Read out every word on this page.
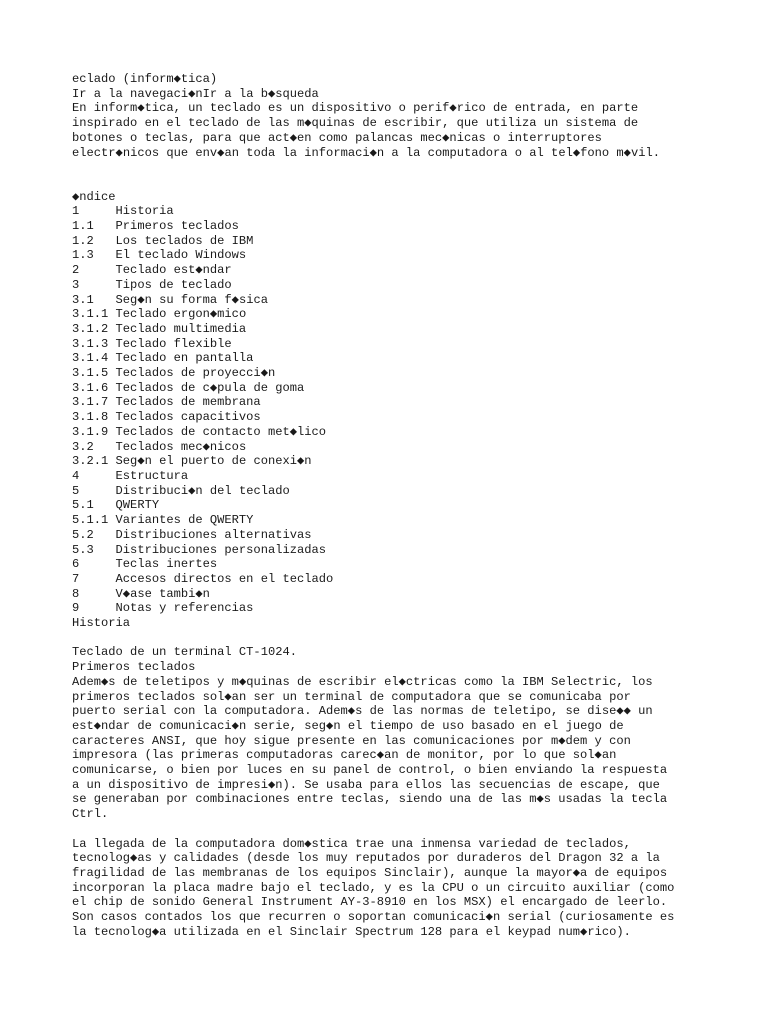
eclado (inform◆tica)
Ir a la navegaci◆nIr a la b◆squeda
En inform◆tica, un teclado es un dispositivo o perif◆rico de entrada, en parte
inspirado en el teclado de las m◆quinas de escribir, que utiliza un sistema de
botones o teclas, para que act◆en como palancas mec◆nicas o interruptores
electr◆nicos que env◆an toda la informaci◆n a la computadora o al tel◆fono m◆vil.

◆ndice
1     Historia
1.1   Primeros teclados
1.2   Los teclados de IBM
1.3   El teclado Windows
2     Teclado est◆ndar
3     Tipos de teclado
3.1   Seg◆n su forma f◆sica
3.1.1 Teclado ergon◆mico
3.1.2 Teclado multimedia
3.1.3 Teclado flexible
3.1.4 Teclado en pantalla
3.1.5 Teclados de proyecci◆n
3.1.6 Teclados de c◆pula de goma
3.1.7 Teclados de membrana
3.1.8 Teclados capacitivos
3.1.9 Teclados de contacto met◆lico
3.2   Teclados mec◆nicos
3.2.1 Seg◆n el puerto de conexi◆n
4     Estructura
5     Distribuci◆n del teclado
5.1   QWERTY
5.1.1 Variantes de QWERTY
5.2   Distribuciones alternativas
5.3   Distribuciones personalizadas
6     Teclas inertes
7     Accesos directos en el teclado
8     V◆ase tambi◆n
9     Notas y referencias
Historia

Teclado de un terminal CT-1024.
Primeros teclados
Adem◆s de teletipos y m◆quinas de escribir el◆ctricas como la IBM Selectric, los
primeros teclados sol◆an ser un terminal de computadora que se comunicaba por
puerto serial con la computadora. Adem◆s de las normas de teletipo, se dise◆◆ un
est◆ndar de comunicaci◆n serie, seg◆n el tiempo de uso basado en el juego de
caracteres ANSI, que hoy sigue presente en las comunicaciones por m◆dem y con
impresora (las primeras computadoras carec◆an de monitor, por lo que sol◆an
comunicarse, o bien por luces en su panel de control, o bien enviando la respuesta
a un dispositivo de impresi◆n). Se usaba para ellos las secuencias de escape, que
se generaban por combinaciones entre teclas, siendo una de las m◆s usadas la tecla
Ctrl.

La llegada de la computadora dom◆stica trae una inmensa variedad de teclados,
tecnolog◆as y calidades (desde los muy reputados por duraderos del Dragon 32 a la
fragilidad de las membranas de los equipos Sinclair), aunque la mayor◆a de equipos
incorporan la placa madre bajo el teclado, y es la CPU o un circuito auxiliar (como
el chip de sonido General Instrument AY-3-8910 en los MSX) el encargado de leerlo.
Son casos contados los que recurren o soportan comunicaci◆n serial (curiosamente es
la tecnolog◆a utilizada en el Sinclair Spectrum 128 para el keypad num◆rico).
